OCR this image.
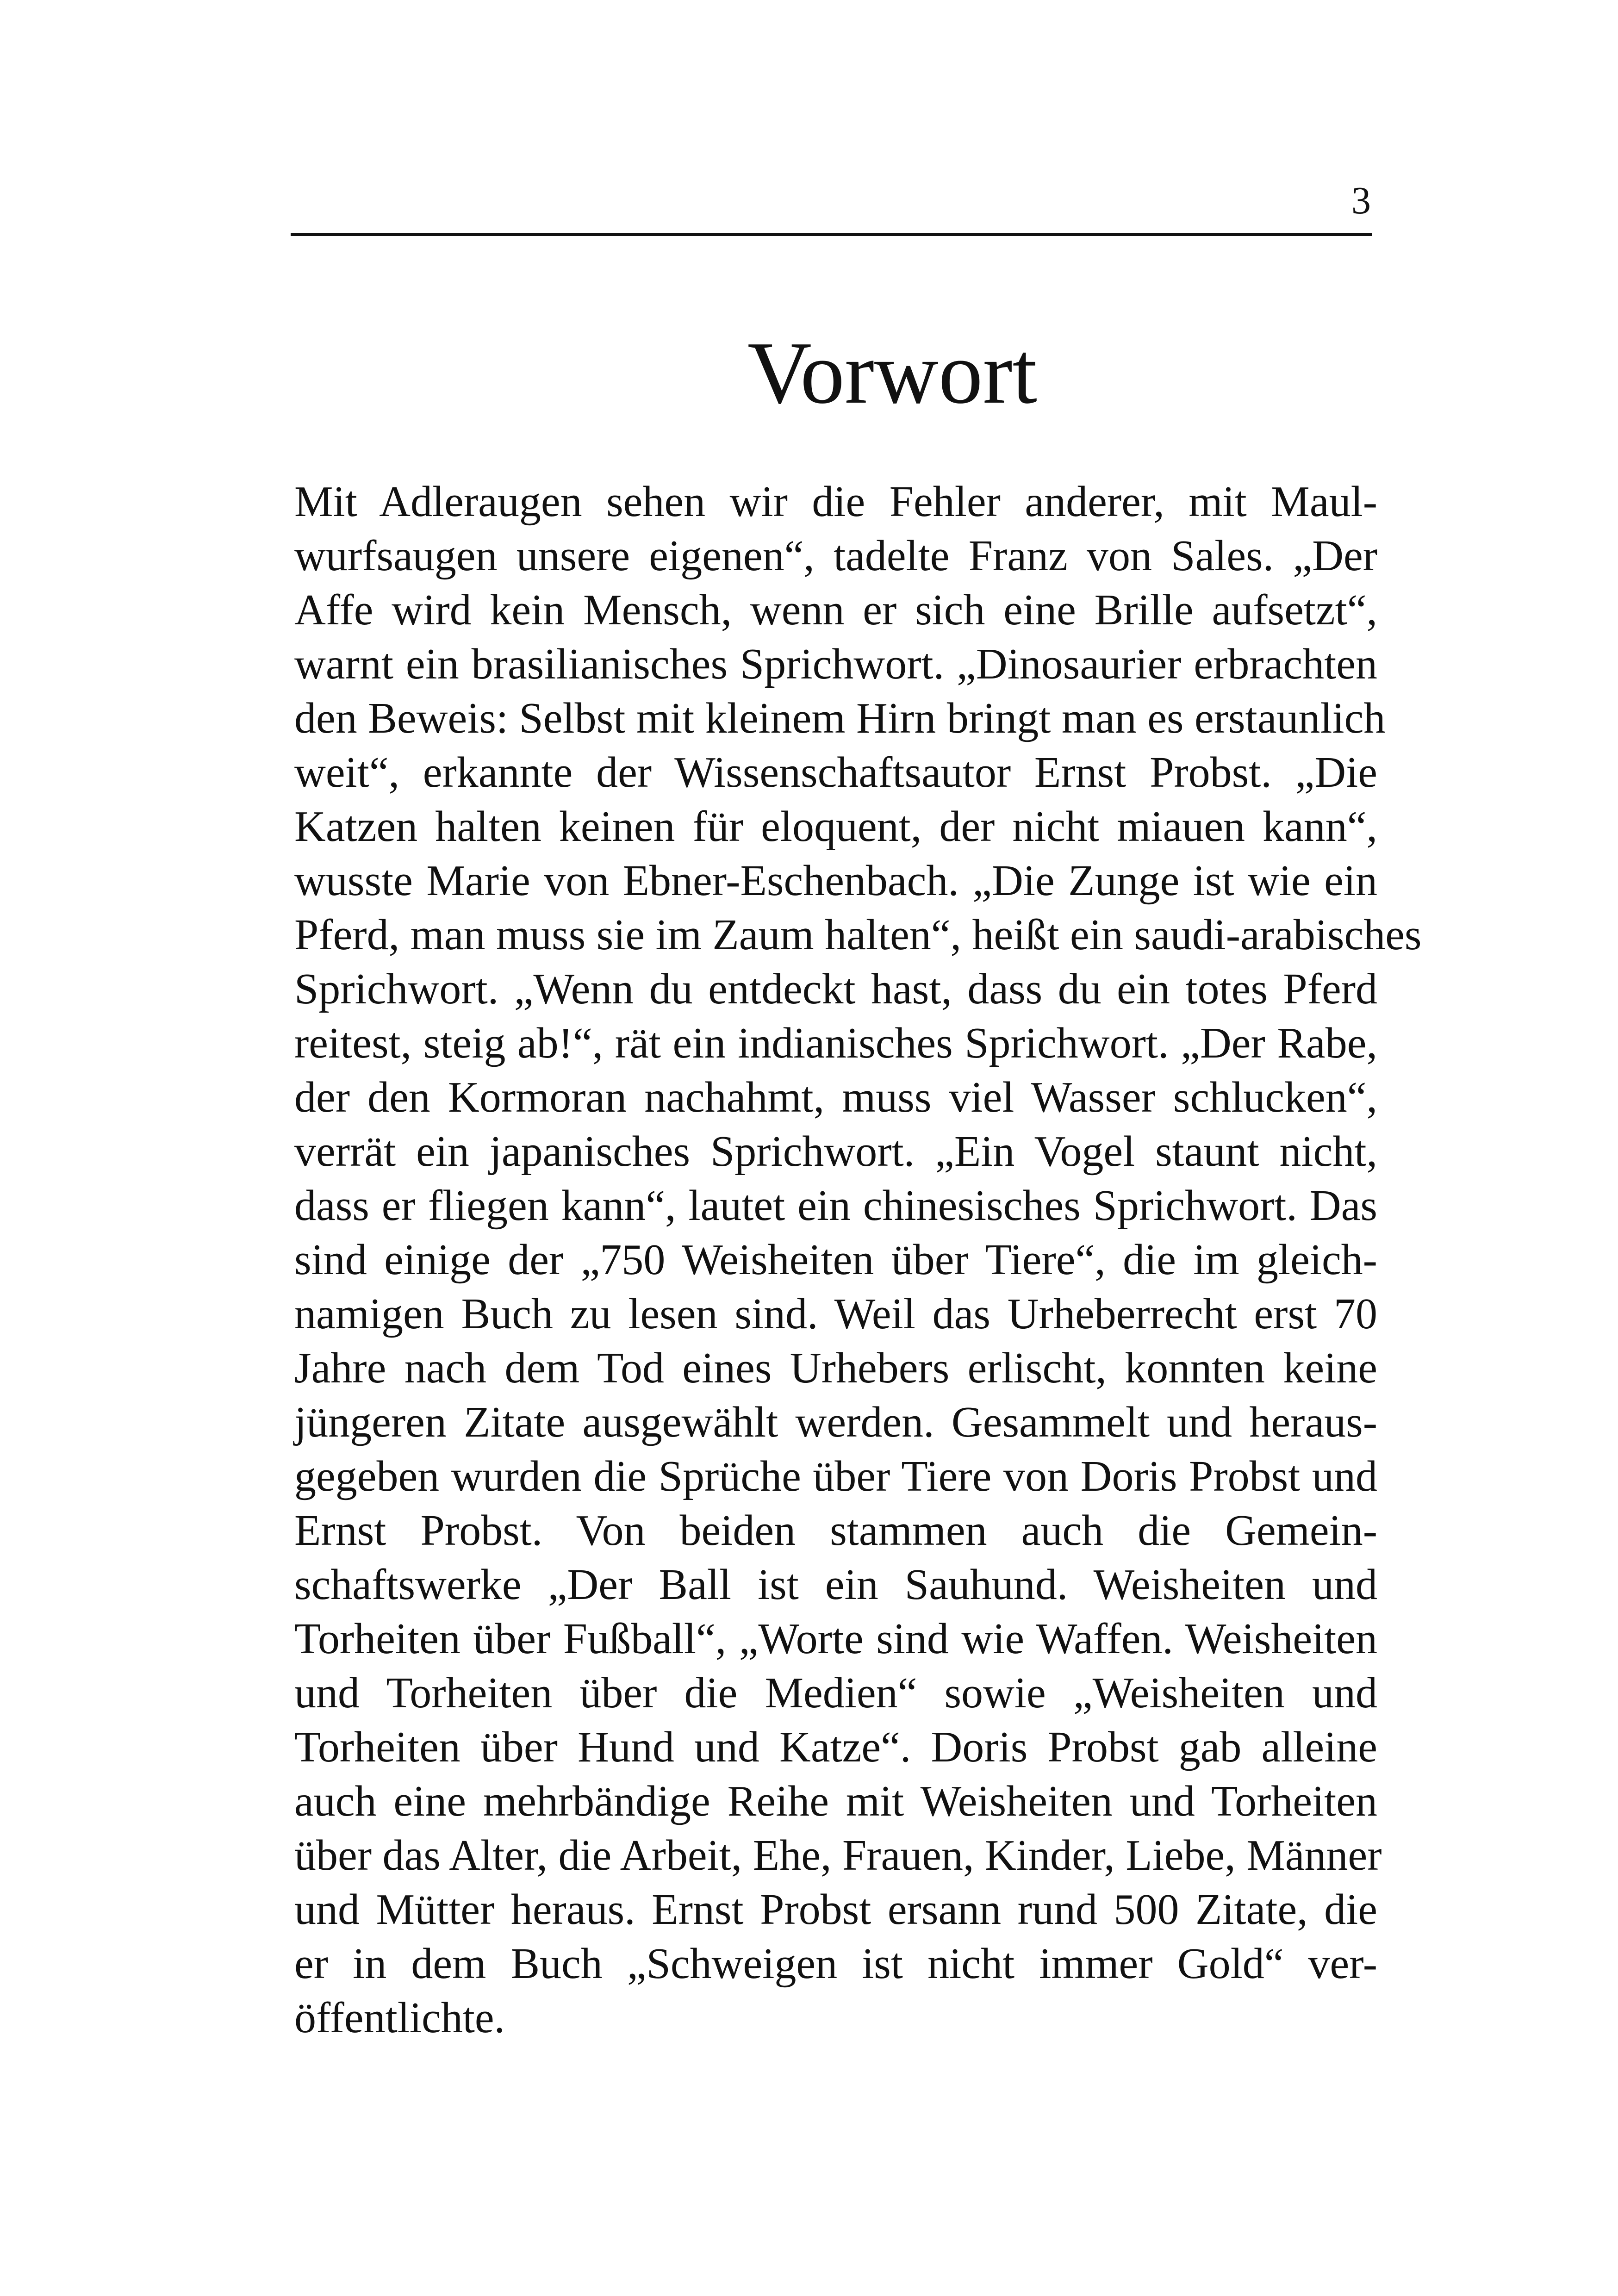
3
Vorwort

Mit Adleraugen sehen wir die Fehler anderer, mit Maul-
wurfsaugen unsere eigenen“, tadelte Franz von Sales. „Der
Affe wird kein Mensch, wenn er sich eine Brille aufsetzt“,
warnt ein brasilianisches Sprichwort. „Dinosaurier erbrachten
den Beweis: Selbst mit kleinem Hirn bringt man es erstaunlich
weit“, erkannte der Wissenschaftsautor Ernst Probst. „Die
Katzen halten keinen für eloquent, der nicht miauen kann“,
wusste Marie von Ebner-Eschenbach. „Die Zunge ist wie ein
Pferd, man muss sie im Zaum halten“, heißt ein saudi-arabisches
Sprichwort. „Wenn du entdeckt hast, dass du ein totes Pferd
reitest, steig ab!“, rät ein indianisches Sprichwort. „Der Rabe,
der den Kormoran nachahmt, muss viel Wasser schlucken“,
verrät ein japanisches Sprichwort. „Ein Vogel staunt nicht,
dass er fliegen kann“, lautet ein chinesisches Sprichwort. Das
sind einige der „750 Weisheiten über Tiere“, die im gleich-
namigen Buch zu lesen sind. Weil das Urheberrecht erst 70
Jahre nach dem Tod eines Urhebers erlischt, konnten keine
jüngeren Zitate ausgewählt werden. Gesammelt und heraus-
gegeben wurden die Sprüche über Tiere von Doris Probst und
Ernst Probst. Von beiden stammen auch die Gemein-
schaftswerke „Der Ball ist ein Sauhund. Weisheiten und
Torheiten über Fußball“, „Worte sind wie Waffen. Weisheiten
und Torheiten über die Medien“ sowie „Weisheiten und
Torheiten über Hund und Katze“. Doris Probst gab alleine
auch eine mehrbändige Reihe mit Weisheiten und Torheiten
über das Alter, die Arbeit, Ehe, Frauen, Kinder, Liebe, Männer
und Mütter heraus. Ernst Probst ersann rund 500 Zitate, die
er in dem Buch „Schweigen ist nicht immer Gold“ ver-
öffentlichte.
